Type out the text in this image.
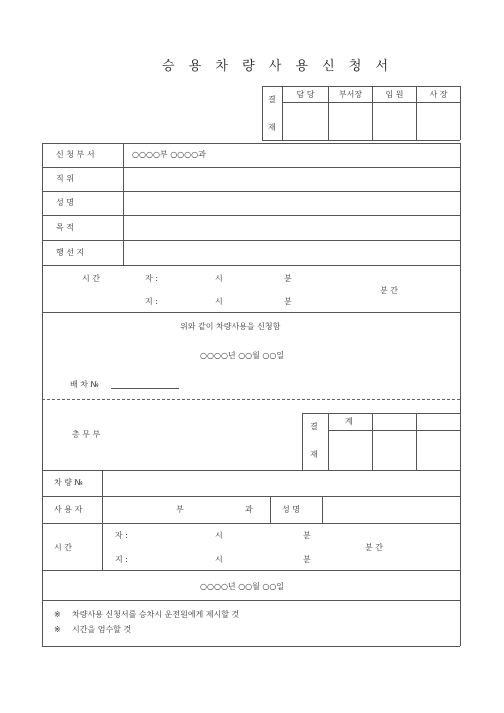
승 용 차 량 사 용 신 청 서
결
재
담 당	부서장	임 원	사 장
신 청 부 서	○○○○부 ○○○○과
직 위
성 명
목 적
행 선 지
시 간	자 :	시	분
지 :	시	분
분 간
위와 같이 차량사용을 신청함
○○○○년 ○○월 ○○일
배 차 №
총 무 부
결
재
계
차 량 №
사 용 자	부	과	성 명
시 간
자 :	시	분
지 :	시	분
분 간
○○○○년 ○○월 ○○일
※ 차량사용 신청서를 승차시 운전원에게 제시할 것
※ 시간을 엄수할 것
